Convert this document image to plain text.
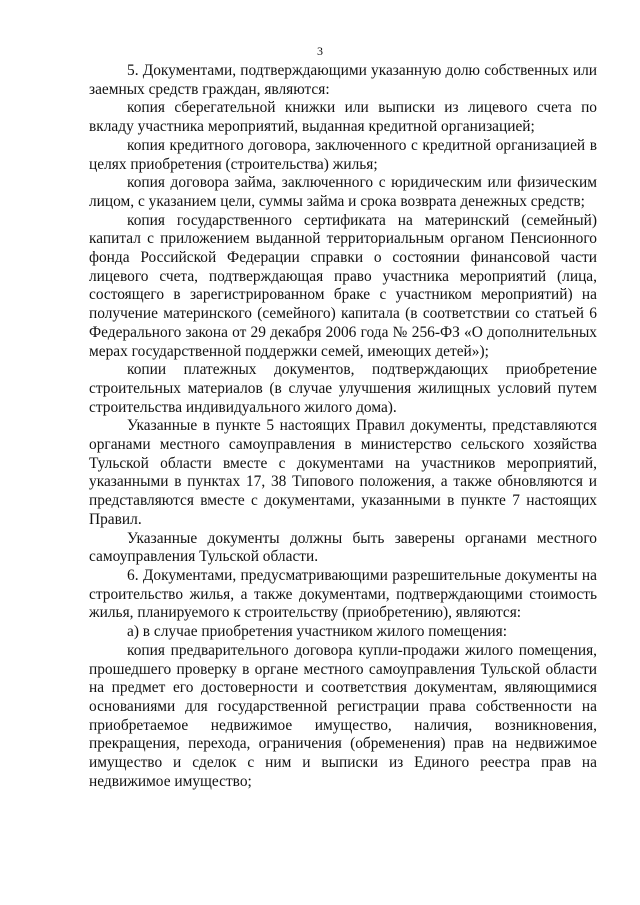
3

5. Документами, подтверждающими указанную долю собственных или заемных средств граждан, являются:

копия сберегательной книжки или выписки из лицевого счета по вкладу участника мероприятий, выданная кредитной организацией;

копия кредитного договора, заключенного с кредитной организацией в целях приобретения (строительства) жилья;

копия договора займа, заключенного с юридическим или физическим лицом, с указанием цели, суммы займа и срока возврата денежных средств;

копия государственного сертификата на материнский (семейный) капитал с приложением выданной территориальным органом Пенсионного фонда Российской Федерации справки о состоянии финансовой части лицевого счета, подтверждающая право участника мероприятий (лица, состоящего в зарегистрированном браке с участником мероприятий) на получение материнского (семейного) капитала (в соответствии со статьей 6 Федерального закона от 29 декабря 2006 года № 256-ФЗ «О дополнительных мерах государственной поддержки семей, имеющих детей»);

копии платежных документов, подтверждающих приобретение строительных материалов (в случае улучшения жилищных условий путем строительства индивидуального жилого дома).

Указанные в пункте 5 настоящих Правил документы, представляются органами местного самоуправления в министерство сельского хозяйства Тульской области вместе с документами на участников мероприятий, указанными в пунктах 17, 38 Типового положения, а также обновляются и представляются вместе с документами, указанными в пункте 7 настоящих Правил.

Указанные документы должны быть заверены органами местного самоуправления Тульской области.

6. Документами, предусматривающими разрешительные документы на строительство жилья, а также документами, подтверждающими стоимость жилья, планируемого к строительству (приобретению), являются:

а) в случае приобретения участником жилого помещения:

копия предварительного договора купли-продажи жилого помещения, прошедшего проверку в органе местного самоуправления Тульской области на предмет его достоверности и соответствия документам, являющимися основаниями для государственной регистрации права собственности на приобретаемое недвижимое имущество, наличия, возникновения, прекращения, перехода, ограничения (обременения) прав на недвижимое имущество и сделок с ним и выписки из Единого реестра прав на недвижимое имущество;
